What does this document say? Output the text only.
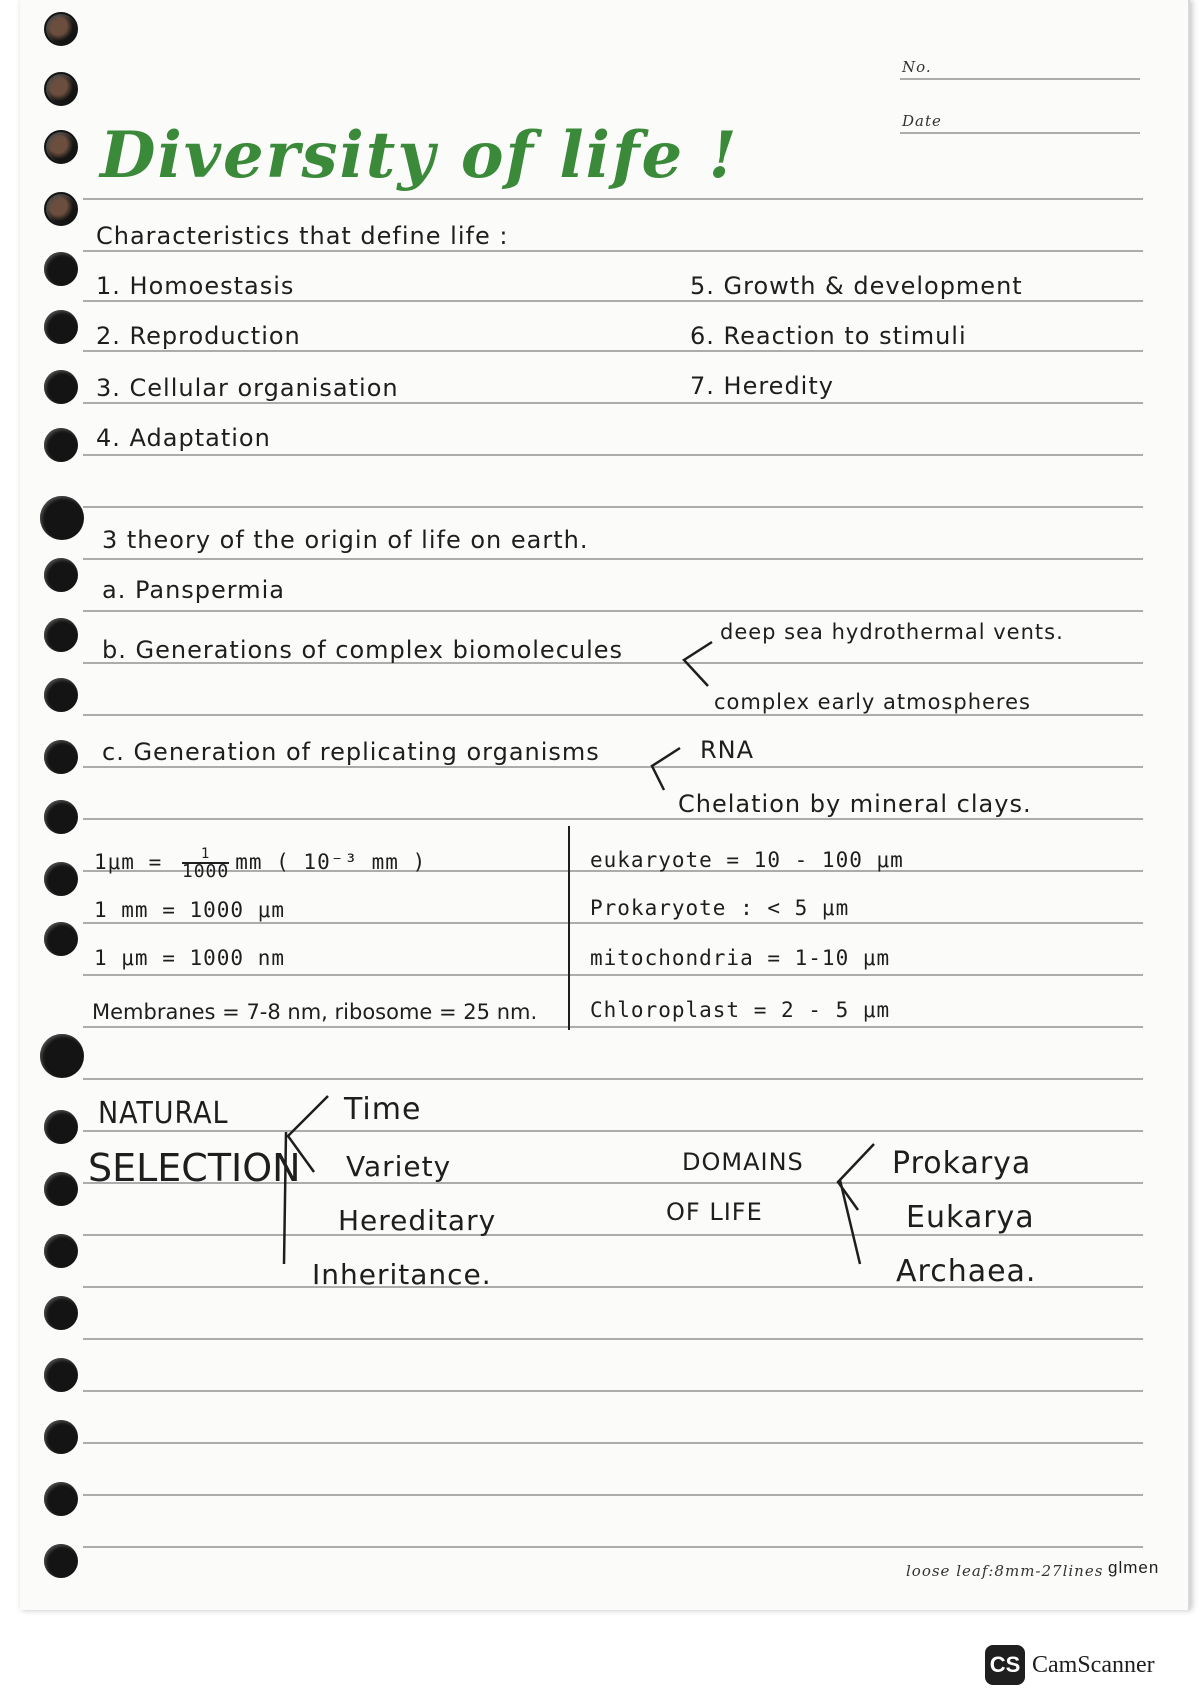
No.
Date
Diversity of life !
Characteristics that define life :
1. Homoestasis
2. Reproduction
3. Cellular organisation
4. Adaptation
5. Growth & development
6. Reaction to stimuli
7. Heredity
3 theory of the origin of life on earth.
a. Panspermia
b. Generations of complex biomolecules
deep sea hydrothermal vents.
complex early atmospheres
c. Generation of replicating organisms	RNA
Chelation by mineral clays.
1μm =	1
1000 mm ( 10⁻³ mm )
1 mm = 1000 μm
1 μm = 1000 nm
Membranes = 7-8 nm, ribosome = 25 nm.
eukaryote = 10 - 100 μm
Prokaryote : < 5 μm
mitochondria = 1-10 μm
Chloroplast = 2 - 5 μm
NATURAL
SELECTION
Time
Variety
Hereditary
Inheritance.
DOMAINS
OF LIFE
Prokarya
Eukarya
Archaea.
loose leaf:8mm-27lines glmen
CS CamScanner
